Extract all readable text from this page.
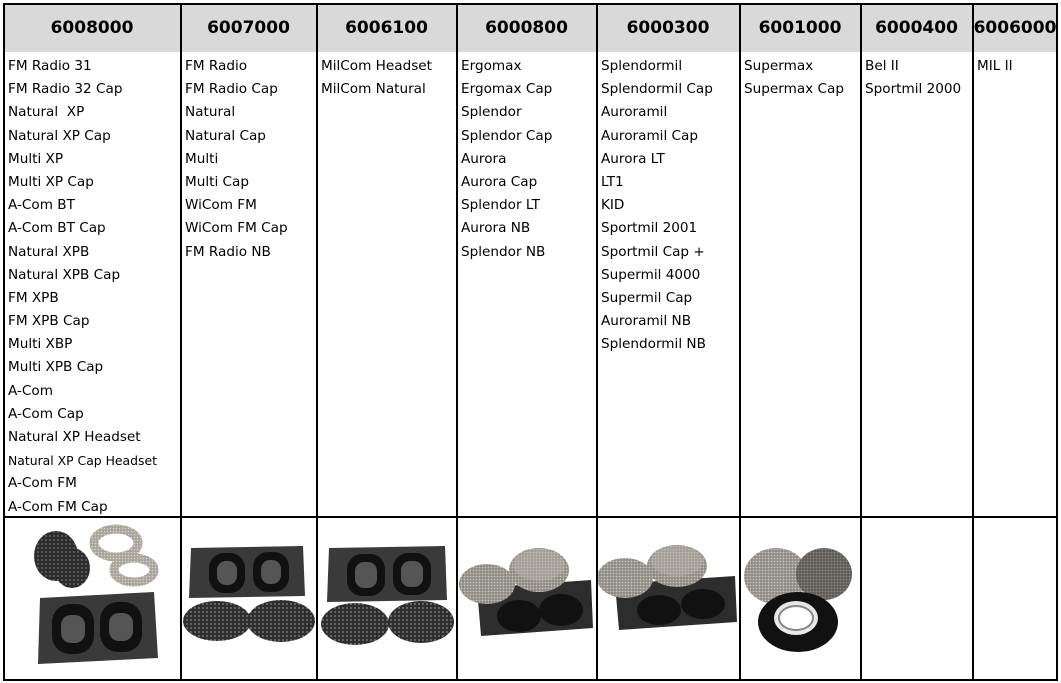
6008000
FM Radio 31
FM Radio 32 Cap
Natural  XP
Natural XP Cap
Multi XP
Multi XP Cap
A-Com BT
A-Com BT Cap
Natural XPB
Natural XPB Cap
FM XPB
FM XPB Cap
Multi XBP
Multi XPB Cap
A-Com
A-Com Cap
Natural XP Headset
Natural XP Cap Headset
A-Com FM
A-Com FM Cap
6007000
FM Radio
FM Radio Cap
Natural
Natural Cap
Multi
Multi Cap
WiCom FM
WiCom FM Cap
FM Radio NB
6006100
MilCom Headset
MilCom Natural
6000800
Ergomax
Ergomax Cap
Splendor
Splendor Cap
Aurora
Aurora Cap
Splendor LT
Aurora NB
Splendor NB
6000300
Splendormil
Splendormil Cap
Auroramil
Auroramil Cap
Aurora LT
LT1
KID
Sportmil 2001
Sportmil Cap +
Supermil 4000
Supermil Cap
Auroramil NB
Splendormil NB
6001000
Supermax
Supermax Cap
6000400
Bel II
Sportmil 2000
6006000
MIL II
